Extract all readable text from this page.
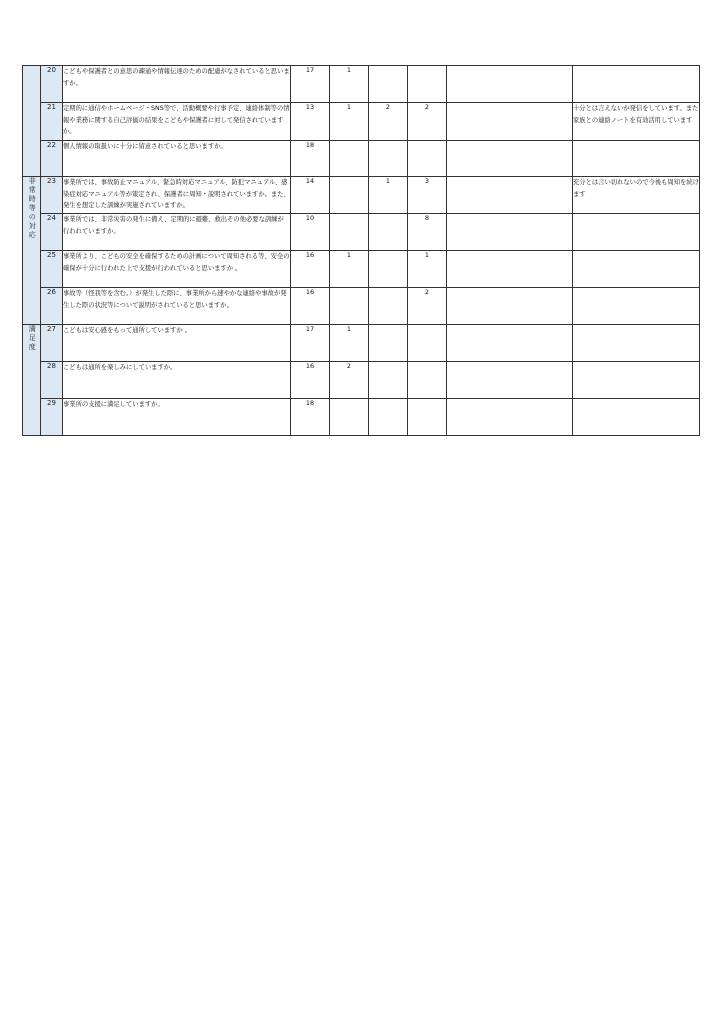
	20	こどもや保護者との意思の疎通や情報伝達のための配慮がなされていると思いますか。	17	1				
	21	定期的に通信やホームページ・SNS等で、活動概要や行事予定、連絡体制等の情報や業務に関する自己評価の結果をこどもや保護者に対して発信されていますか。	13	1	2	2		十分とは言えないが発信をしています。また家族との連絡ノートを有効活用しています
	22	個人情報の取扱いに十分に留意されていると思いますか。	18					
非常時等の対応	23	事業所では、事故防止マニュアル、緊急時対応マニュアル、防犯マニュアル、感染症対応マニュアル等が策定され、保護者に周知・説明されていますか。また、発生を想定した訓練が実施されていますか。	14		1	3		充分とは言い切れないので今後も周知を続けます
	24	事業所では、非常災害の発生に備え、定期的に避難、救出その他必要な訓練が行われていますか。	10			8		
	25	事業所より、こどもの安全を確保するための計画について周知される等、安全の確保が十分に行われた上で支援が行われていると思いますか 。	16	1		1		
	26	事故等（怪我等を含む。）が発生した際に、事業所から速やかな連絡や事故が発生した際の状況等について説明がされていると思いますか。	16			2		
満足度	27	こどもは安心感をもって通所していますか 。	17	1				
	28	こどもは通所を楽しみにしていますか。	16	2				
	29	事業所の支援に満足していますか。	18					
